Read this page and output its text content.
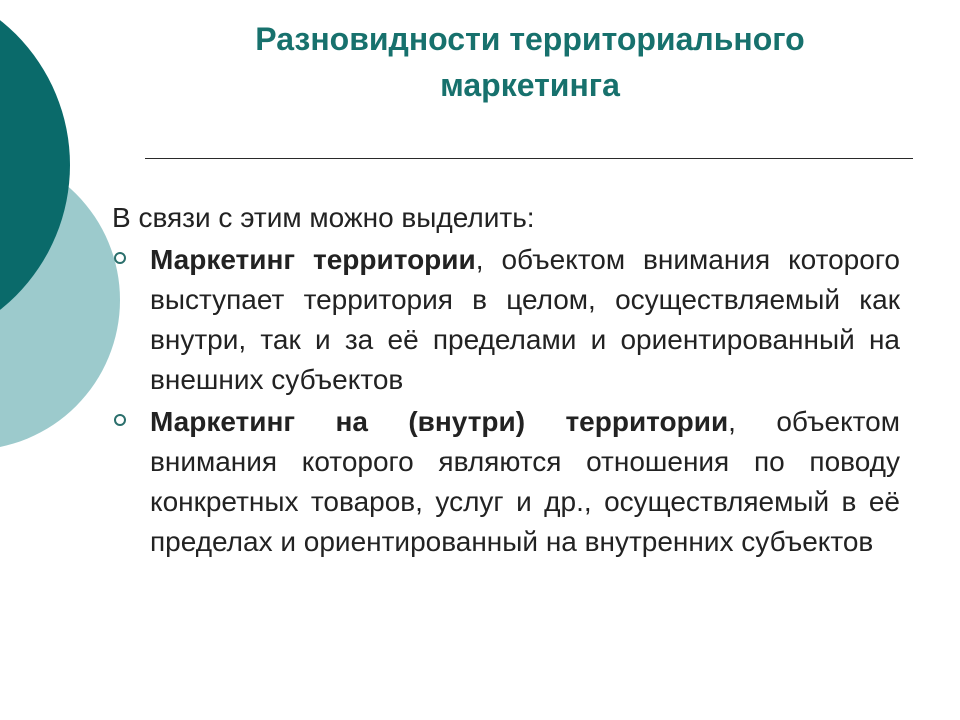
Разновидности территориального маркетинга

В связи с этим можно выделить:

Маркетинг территории, объектом внимания которого выступает территория в целом, осуществляемый как внутри, так и за её пределами и ориентированный на внешних субъектов
Маркетинг на (внутри) территории, объектом внимания которого являются отношения по поводу конкретных товаров, услуг и др., осуществляемый в её пределах и ориентированный на внутренних субъектов
